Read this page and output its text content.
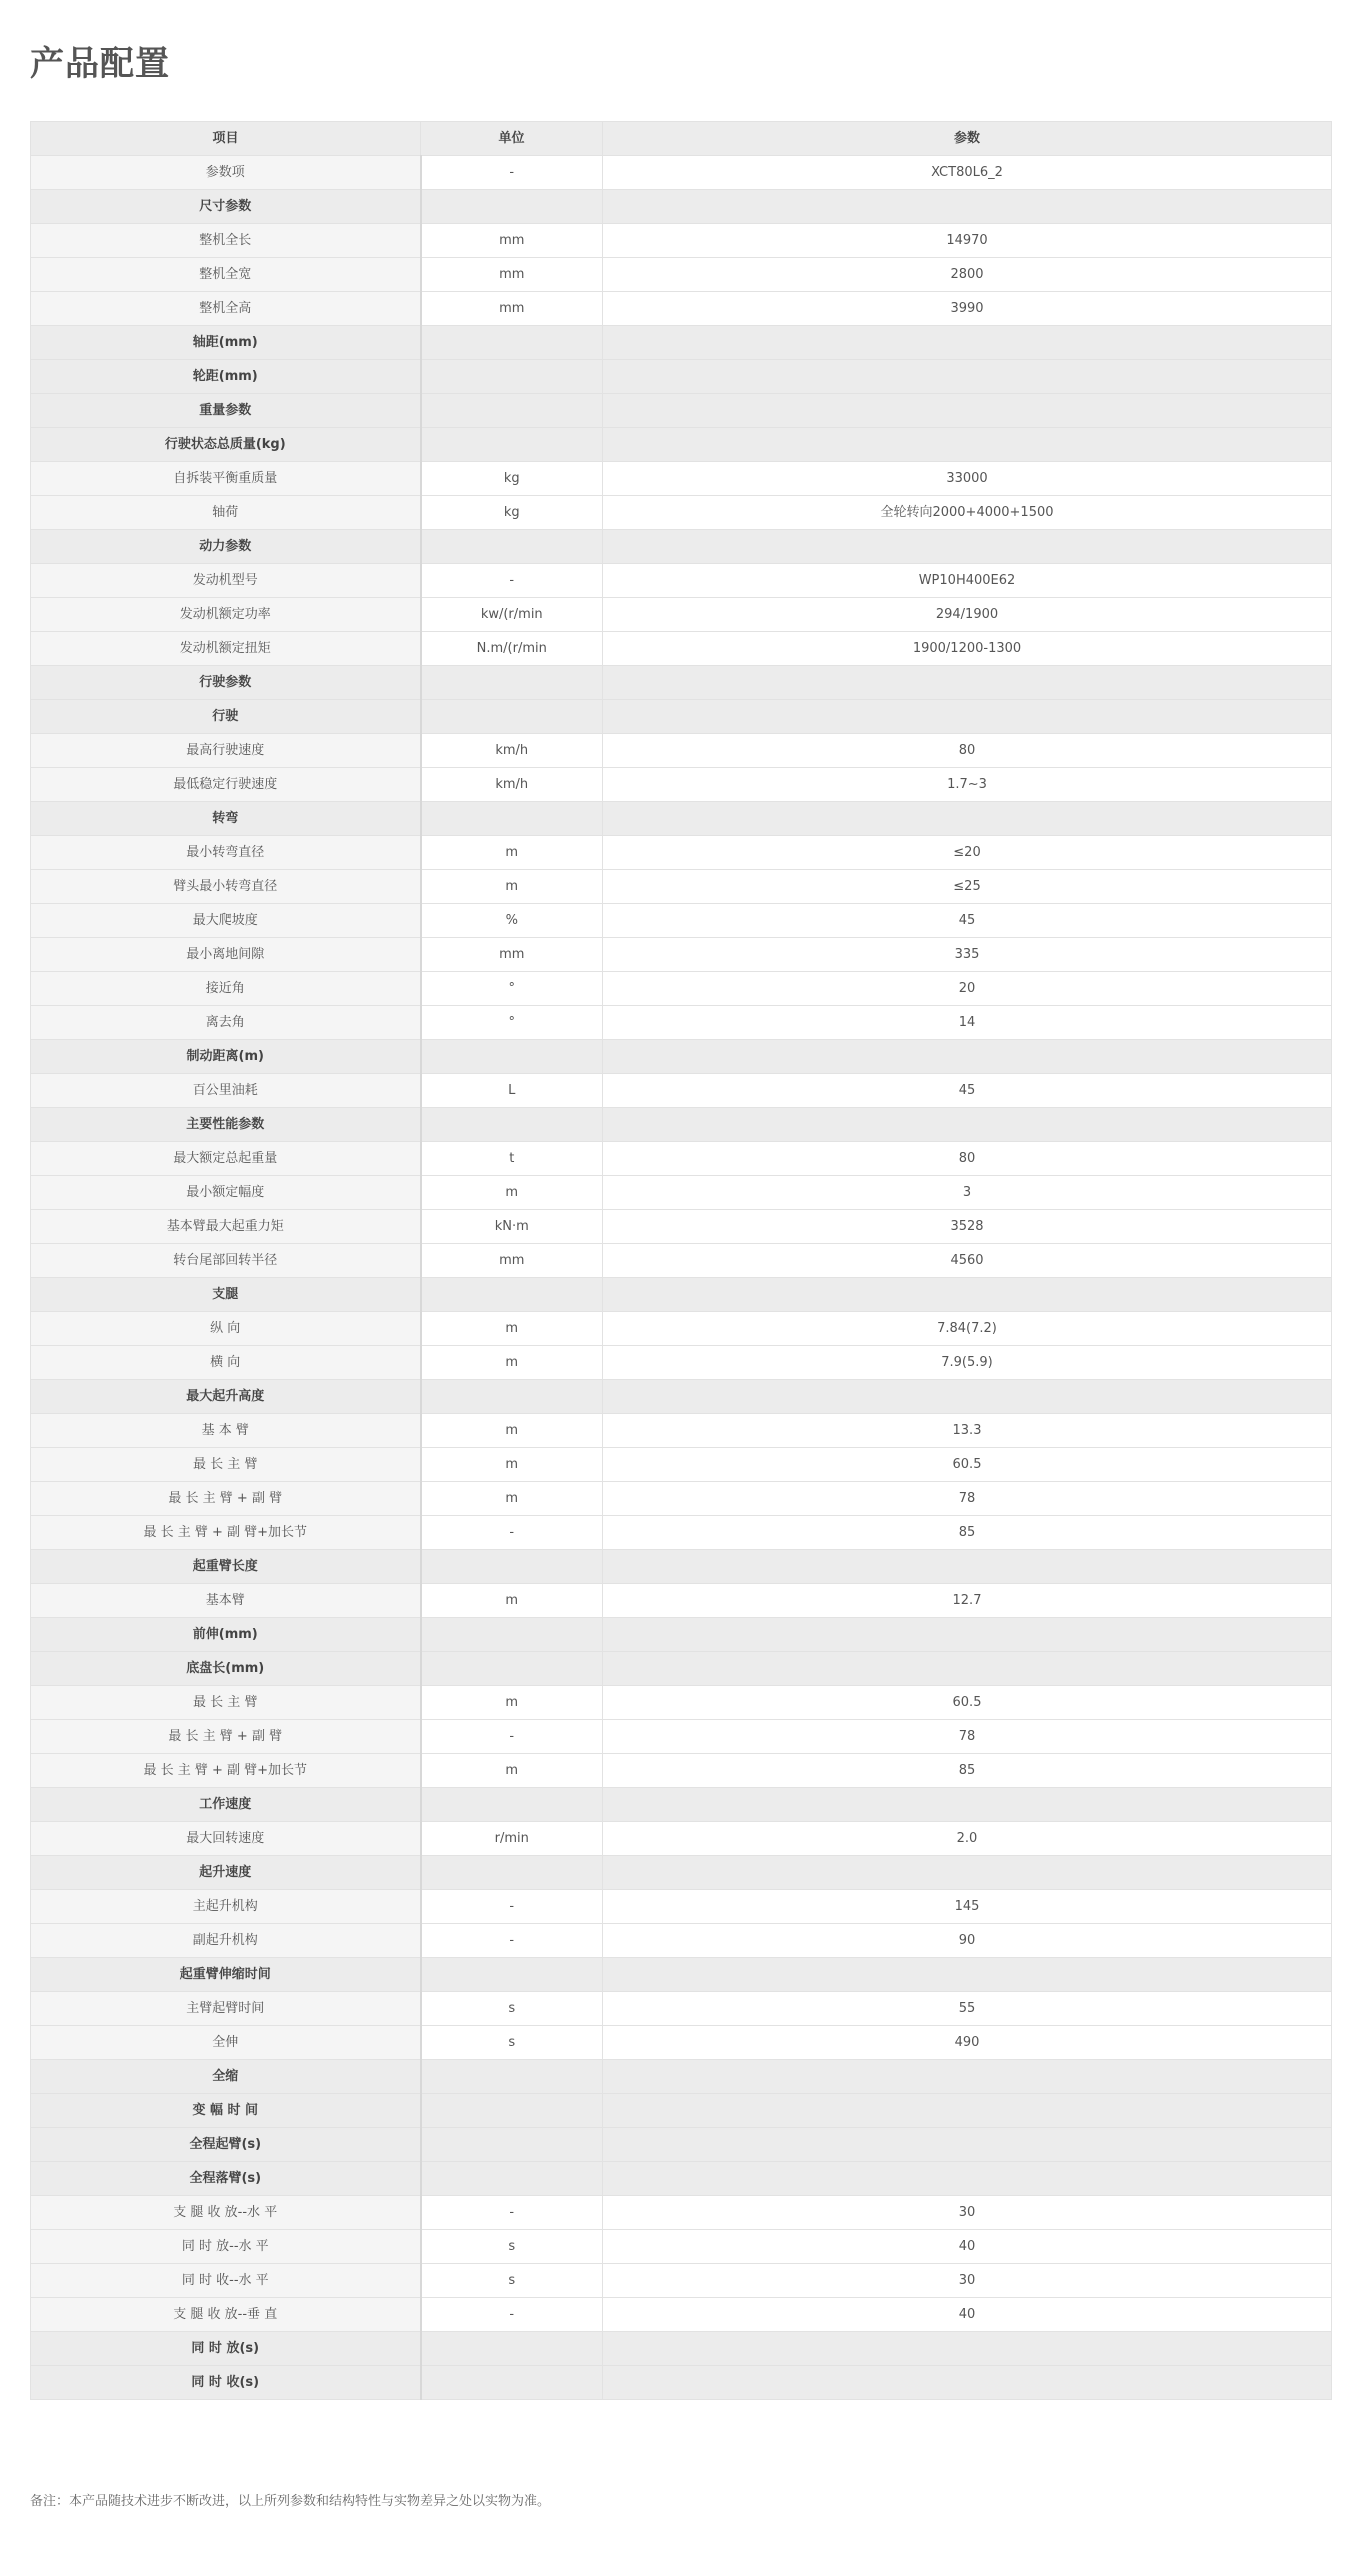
产品配置
项目	单位	参数
参数项	-	XCT80L6_2
尺寸参数		
整机全长	mm	14970
整机全宽	mm	2800
整机全高	mm	3990
轴距(mm)		
轮距(mm)		
重量参数		
行驶状态总质量(kg)		
自拆装平衡重质量	kg	33000
轴荷	kg	全轮转向2000+4000+1500
动力参数		
发动机型号	-	WP10H400E62
发动机额定功率	kw/(r/min	294/1900
发动机额定扭矩	N.m/(r/min	1900/1200-1300
行驶参数		
行驶		
最高行驶速度	km/h	80
最低稳定行驶速度	km/h	1.7~3
转弯		
最小转弯直径	m	≤20
臂头最小转弯直径	m	≤25
最大爬坡度	%	45
最小离地间隙	mm	335
接近角	°	20
离去角	°	14
制动距离(m)		
百公里油耗	L	45
主要性能参数		
最大额定总起重量	t	80
最小额定幅度	m	3
基本臂最大起重力矩	kN·m	3528
转台尾部回转半径	mm	4560
支腿		
纵 向	m	7.84(7.2)
横 向	m	7.9(5.9)
最大起升高度		
基 本 臂	m	13.3
最 长 主 臂	m	60.5
最 长 主 臂 + 副 臂	m	78
最 长 主 臂 + 副 臂+加长节	-	85
起重臂长度		
基本臂	m	12.7
前伸(mm)		
底盘长(mm)		
最 长 主 臂	m	60.5
最 长 主 臂 + 副 臂	-	78
最 长 主 臂 + 副 臂+加长节	m	85
工作速度		
最大回转速度	r/min	2.0
起升速度		
主起升机构	-	145
副起升机构	-	90
起重臂伸缩时间		
主臂起臂时间	s	55
全伸	s	490
全缩		
变 幅 时 间		
全程起臂(s)		
全程落臂(s)		
支 腿 收 放--水 平	-	30
同 时 放--水 平	s	40
同 时 收--水 平	s	30
支 腿 收 放--垂 直	-	40
同 时 放(s)		
同 时 收(s)		

备注：本产品随技术进步不断改进，以上所列参数和结构特性与实物差异之处以实物为准。
